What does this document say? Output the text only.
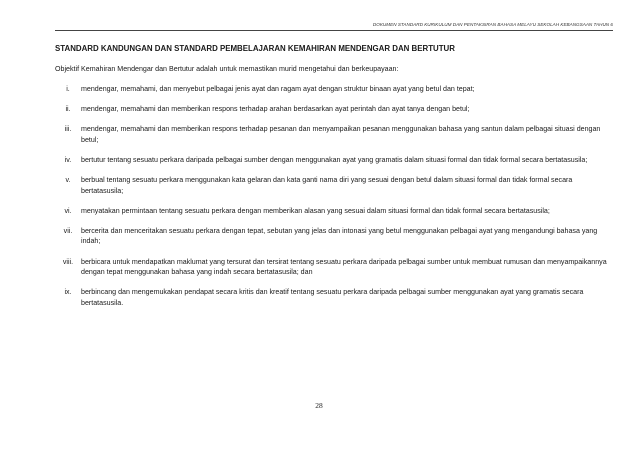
DOKUMEN STANDARD KURIKULUM DAN PENTAKSIRAN BAHASA MELAYU SEKOLAH KEBANGSAAN TAHUN 6
STANDARD KANDUNGAN DAN STANDARD PEMBELAJARAN KEMAHIRAN MENDENGAR DAN BERTUTUR
Objektif Kemahiran Mendengar dan Bertutur adalah untuk memastikan murid mengetahui dan berkeupayaan:
i.	mendengar, memahami, dan menyebut pelbagai jenis ayat dan ragam ayat dengan struktur binaan ayat yang betul dan tepat;
ii.	mendengar, memahami dan memberikan respons terhadap arahan berdasarkan ayat perintah dan ayat tanya dengan betul;
iii.	mendengar, memahami dan memberikan respons terhadap pesanan dan menyampaikan pesanan menggunakan bahasa yang santun dalam pelbagai situasi dengan betul;
iv.	bertutur tentang sesuatu perkara daripada pelbagai sumber dengan menggunakan ayat yang gramatis dalam situasi formal dan tidak formal secara bertatasusila;
v.	berbual tentang sesuatu perkara menggunakan kata gelaran dan kata ganti nama diri yang sesuai dengan betul dalam situasi formal dan tidak formal secara bertatasusila;
vi.	menyatakan permintaan tentang sesuatu perkara dengan memberikan alasan yang sesuai dalam situasi formal dan tidak formal secara bertatasusila;
vii.	bercerita dan menceritakan sesuatu perkara dengan tepat, sebutan yang jelas dan intonasi yang betul menggunakan pelbagai ayat yang mengandungi bahasa yang indah;
viii.	berbicara untuk mendapatkan maklumat yang tersurat dan tersirat tentang sesuatu perkara daripada pelbagai sumber untuk membuat rumusan dan menyampaikannya dengan tepat menggunakan bahasa yang indah secara bertatasusila; dan
ix.	berbincang dan mengemukakan pendapat secara kritis dan kreatif tentang sesuatu perkara daripada pelbagai sumber menggunakan ayat yang gramatis secara bertatasusila.
28
